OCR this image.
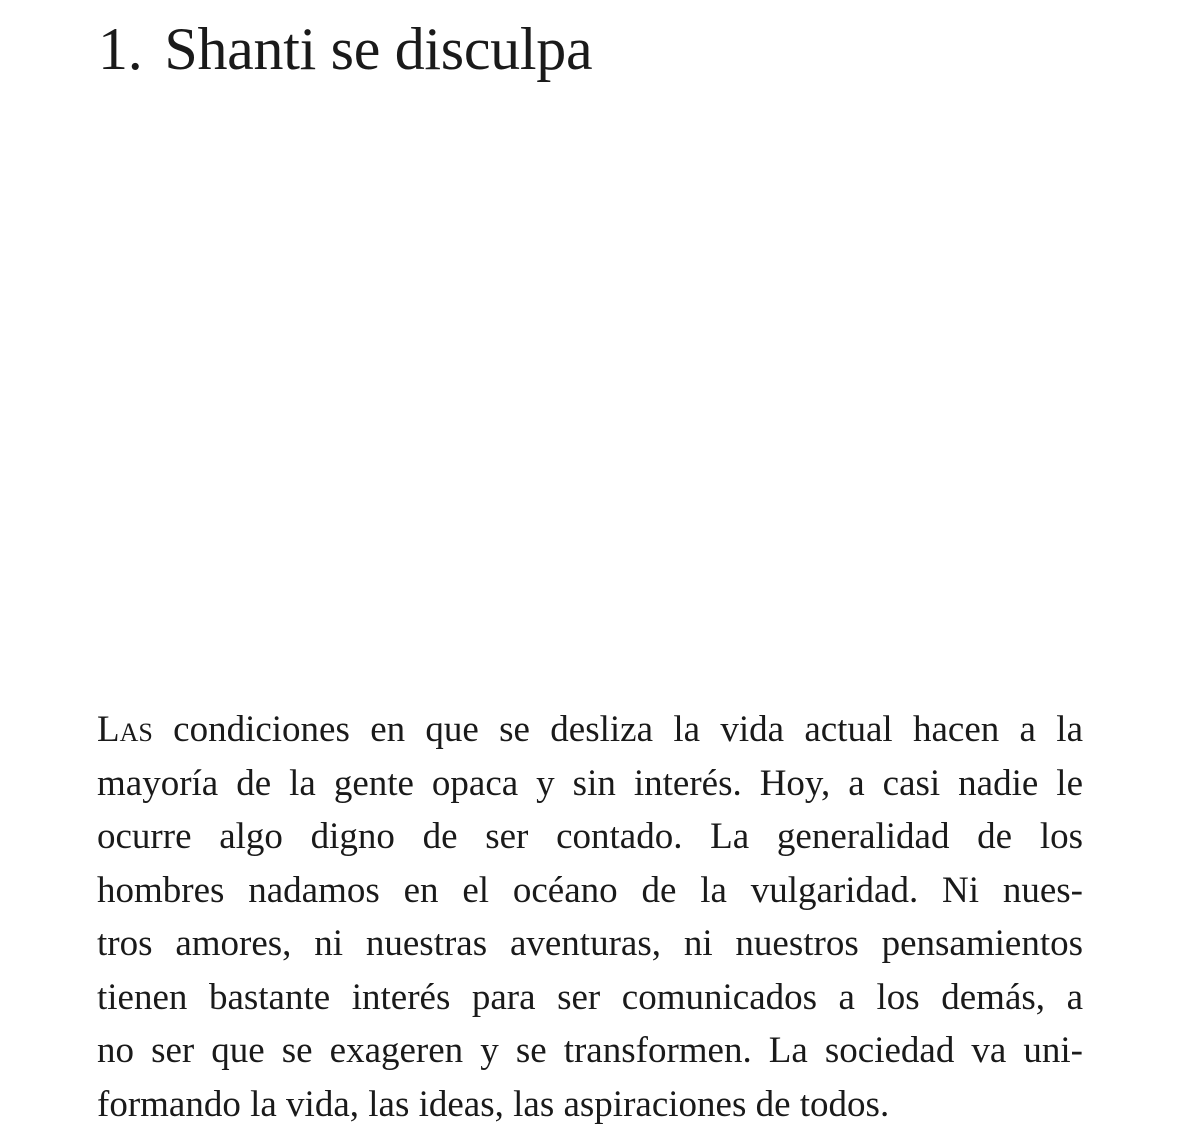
1. Shanti se disculpa
Las condiciones en que se desliza la vida actual hacen a la
mayoría de la gente opaca y sin interés. Hoy, a casi nadie le
ocurre algo digno de ser contado. La generalidad de los
hombres nadamos en el océano de la vulgaridad. Ni nues-
tros amores, ni nuestras aventuras, ni nuestros pensamientos
tienen bastante interés para ser comunicados a los demás, a
no ser que se exageren y se transformen. La sociedad va uni-
formando la vida, las ideas, las aspiraciones de todos.
